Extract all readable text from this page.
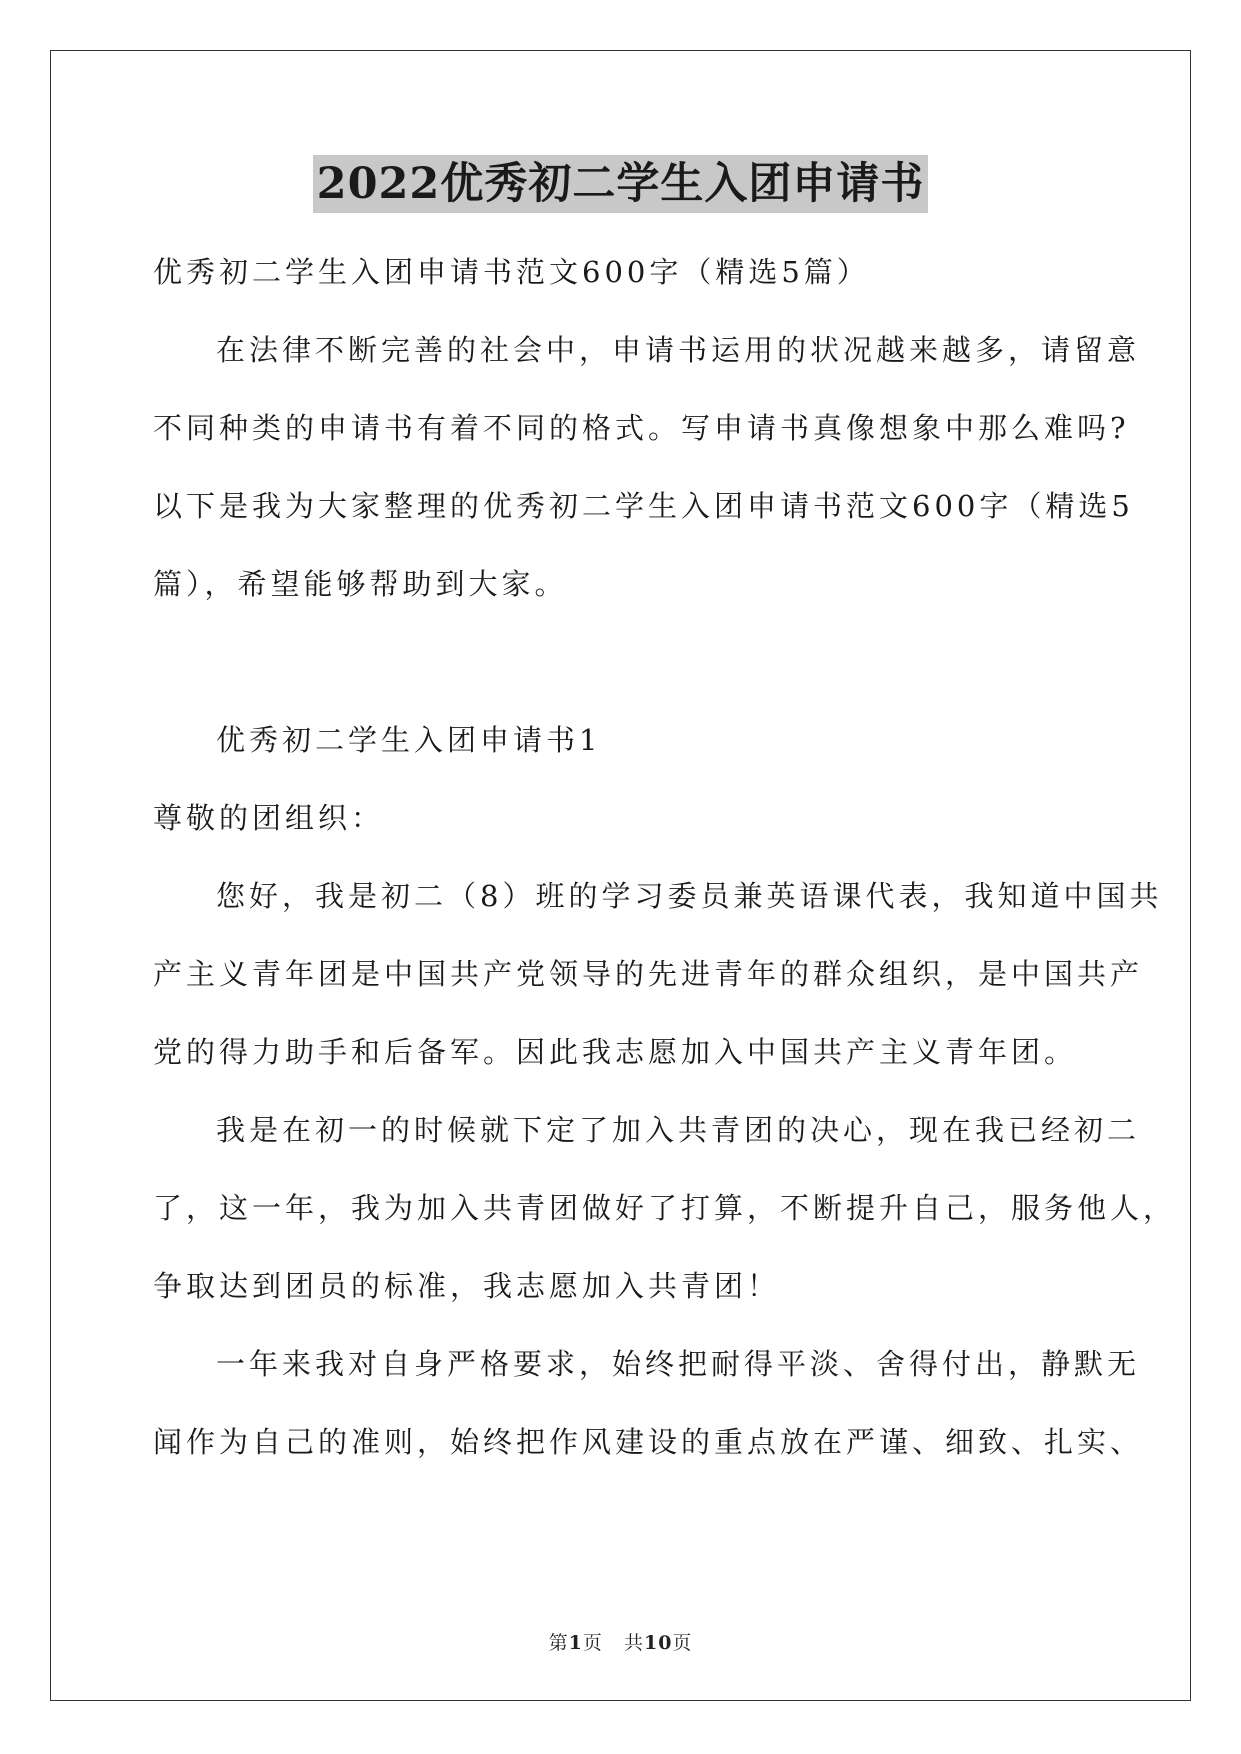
2022优秀初二学生入团申请书
优秀初二学生入团申请书范文600字（精选5篇）
在法律不断完善的社会中，申请书运用的状况越来越多，请留意
不同种类的申请书有着不同的格式。写申请书真像想象中那么难吗?
以下是我为大家整理的优秀初二学生入团申请书范文600字（精选5
篇），希望能够帮助到大家。
优秀初二学生入团申请书1
尊敬的团组织：
您好，我是初二（8）班的学习委员兼英语课代表，我知道中国共
产主义青年团是中国共产党领导的先进青年的群众组织，是中国共产
党的得力助手和后备军。因此我志愿加入中国共产主义青年团。
我是在初一的时候就下定了加入共青团的决心，现在我已经初二
了，这一年，我为加入共青团做好了打算，不断提升自己，服务他人，
争取达到团员的标准，我志愿加入共青团！
一年来我对自身严格要求，始终把耐得平淡、舍得付出，静默无
闻作为自己的准则，始终把作风建设的重点放在严谨、细致、扎实、
第1页 共10页
